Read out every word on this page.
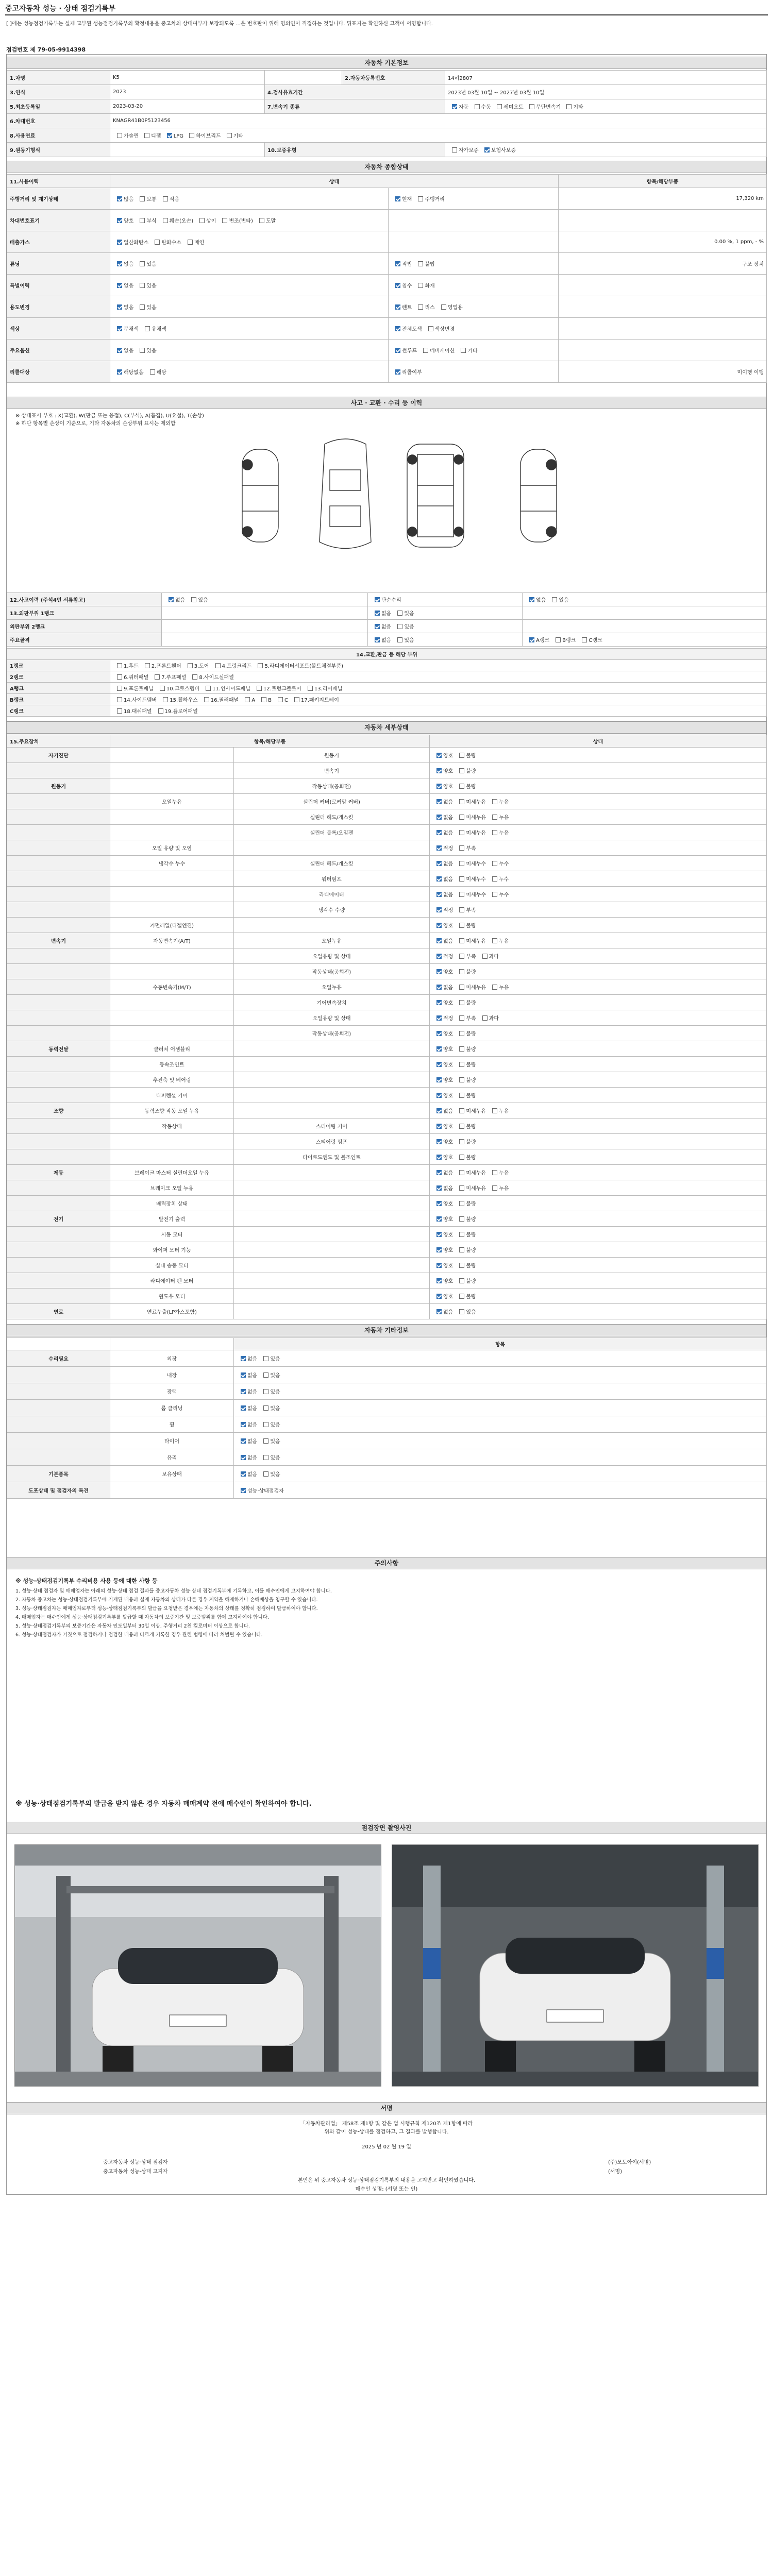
중고자동차 성능 · 상태 점검기록부
[ ]에는 성능점검기록부는 실제 교부된 성능점검기록부의 확정내용을 중고차의 상태여부가 보장되도록 ...은 번호판이 위해 명의인이 직접하는 것입니다. 뒤표지는 확인하신 고객이 서명합니다.
점검번호 제 79-05-9914398
자동차 기본정보
1.차명	K5		2.자동차등록번호	14허2807
3.연식	2023	4.검사유효기간		2023년 03월 10일 ~ 2027년 03월 10일
5.최초등록일	2023-03-20	7.변속기 종류		자동 수동 세미오토 무단변속기 기타
6.차대번호	KNAGR41B0P5123456			
8.사용연료	가솔린 디젤 LPG 하이브리드 기타			
9.원동기형식		10.보증유형		자가보증 보험사보증
자동차 종합상태
11.사용이력	상태		항목/해당부품
주행거리 및 계기상태	많음 보통 적음	현재 주행거리	17,320 km
차대번호표기	양호 부식 훼손(오손) 상이 변조(변타) 도말		
배출가스	일산화탄소 탄화수소 매연		0.00 %, 1 ppm, - %
튜닝	없음 있음	적법 불법	구조 장치
특별이력	없음 있음	침수 화재	
용도변경	없음 있음	렌트 리스 영업용	
색상	무채색 유채색	전체도색 색상변경	
주요옵션	없음 있음	썬루프 네비게이션 기타	
리콜대상	해당없음 해당	리콜여부	미이행 이행
사고 · 교환 · 수리 등 이력
※ 상태표시 부호 : X(교환), W(판금 또는 용접), C(부식), A(흠집), U(요철), T(손상)
※ 하단 항목별 손상이 기준으로, 기타 자동차의 손상부위 표시는 제외함
12.사고이력 (주석4번 서류참고)	없음 있음	단순수리	없음 있음
13.외판부위 1랭크		없음 있음	
외판부위 2랭크		없음 있음	
주요골격		없음 있음	A랭크 B랭크 C랭크
14.교환,판금 등 해당 부위	
1랭크	1.후드 2.프론트휀더 3.도어 4.트렁크리드 5.라디에이터서포트(볼트체결부품)
2랭크	6.쿼터패널 7.루프패널 8.사이드실패널
A랭크	9.프론트패널 10.크로스멤버 11.인사이드패널 12.트렁크플로어 13.리어패널
B랭크	14.사이드멤버 15.휠하우스 16.필러패널 A B C 17.패키지트레이
C랭크	18.대쉬패널 19.플로어패널
자동차 세부상태
15.주요장치	항목/해당부품		상태
자기진단		원동기	양호 불량
		변속기	양호 불량
원동기		작동상태(공회전)	양호 불량
	오일누유	실린더 커버(로커암 커버)	없음 미세누유 누유
		실린더 헤드/개스킷	없음 미세누유 누유
		실린더 블록/오일팬	없음 미세누유 누유
	오일 유량 및 오염		적정 부족
	냉각수 누수	실린더 헤드/개스킷	없음 미세누수 누수
		워터펌프	없음 미세누수 누수
		라디에이터	없음 미세누수 누수
		냉각수 수량	적정 부족
	커먼레일(디젤엔진)		양호 불량
변속기	자동변속기(A/T)	오일누유	없음 미세누유 누유
		오일유량 및 상태	적정 부족 과다
		작동상태(공회전)	양호 불량
	수동변속기(M/T)	오일누유	없음 미세누유 누유
		기어변속장치	양호 불량
		오일유량 및 상태	적정 부족 과다
		작동상태(공회전)	양호 불량
동력전달	클러치 어셈블리		양호 불량
	등속조인트		양호 불량
	추진축 및 베어링		양호 불량
	디퍼렌셜 기어		양호 불량
조향	동력조향 작동 오일 누유		없음 미세누유 누유
	작동상태	스티어링 기어	양호 불량
		스티어링 펌프	양호 불량
		타이로드엔드 및 볼조인트	양호 불량
제동	브레이크 마스터 실린더오일 누유		없음 미세누유 누유
	브레이크 오일 누유		없음 미세누유 누유
	배력장치 상태		양호 불량
전기	발전기 출력		양호 불량
	시동 모터		양호 불량
	와이퍼 모터 기능		양호 불량
	실내 송풍 모터		양호 불량
	라디에이터 팬 모터		양호 불량
	윈도우 모터		양호 불량
연료	연료누출(LP가스포함)		없음 있음
자동차 기타정보
		항목
수리필요	외장	없음 있음
	내장	없음 있음
	광택	없음 있음
	룸 클리닝	없음 있음
	휠	없음 있음
	타이어	없음 있음
	유리	없음 있음
기본품목	보유상태	없음 있음
도포상태 및 점검자의 특견		성능·상태점검자
주의사항
※ 성능·상태점검기록부 수리비용 사용 등에 대한 사항 등

1. 성능·상태 점검자 및 매매업자는 아래의 성능·상태 점검 결과를 중고자동차 성능·상태 점검기록부에 기록하고, 이를 매수인에게 고지하여야 합니다.

2. 자동차 중고차는 성능·상태점검기록부에 기재된 내용과 실제 자동차의 상태가 다른 경우 계약을 해제하거나 손해배상을 청구할 수 있습니다.

3. 성능·상태점검자는 매매업자로부터 성능·상태점검기록부의 발급을 요청받은 경우에는 자동차의 상태를 정확히 점검하여 발급하여야 합니다.

4. 매매업자는 매수인에게 성능·상태점검기록부를 발급할 때 자동차의 보증기간 및 보증범위를 함께 고지하여야 합니다.

5. 성능·상태점검기록부의 보증기간은 자동차 인도일부터 30일 이상, 주행거리 2천 킬로미터 이상으로 합니다.

6. 성능·상태점검자가 거짓으로 점검하거나 점검한 내용과 다르게 기록한 경우 관련 법령에 따라 처벌될 수 있습니다.

※ 성능·상태점검기록부의 발급을 받지 않은 경우 자동차 매매계약 전에 매수인이 확인하여야 합니다.
점검장면 촬영사진
서명
「자동차관리법」 제58조 제1항 및 같은 법 시행규칙 제120조 제1항에 따라
위와 같이 성능·상태를 점검하고, 그 결과를 발행합니다.
2025 년 02 월 19 일
중고자동차 성능·상태 점검자	(주)모토아이(서명)
중고자동차 성능·상태 고지자	(서명)
본인은 위 중고자동차 성능·상태점검기록부의 내용을 고지받고 확인하였습니다.
매수인 성명: (서명 또는 인)
